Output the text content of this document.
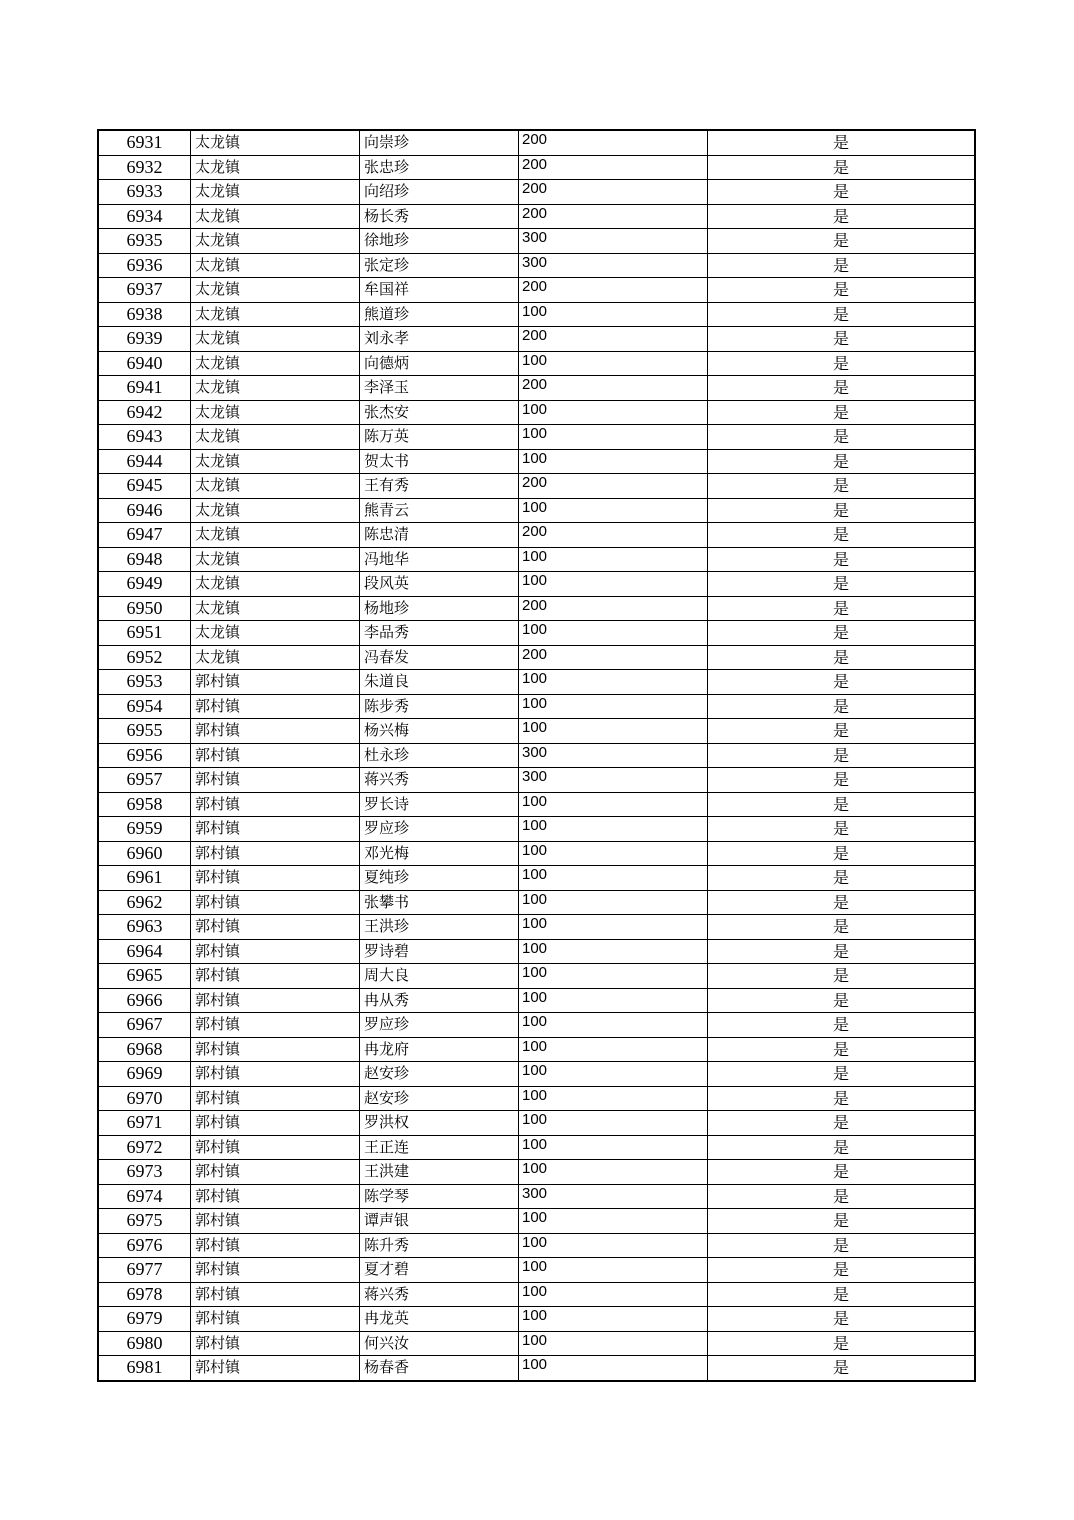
6931	太龙镇	向崇珍	200	是
6932	太龙镇	张忠珍	200	是
6933	太龙镇	向绍珍	200	是
6934	太龙镇	杨长秀	200	是
6935	太龙镇	徐地珍	300	是
6936	太龙镇	张定珍	300	是
6937	太龙镇	牟国祥	200	是
6938	太龙镇	熊道珍	100	是
6939	太龙镇	刘永孝	200	是
6940	太龙镇	向德炳	100	是
6941	太龙镇	李泽玉	200	是
6942	太龙镇	张杰安	100	是
6943	太龙镇	陈万英	100	是
6944	太龙镇	贺太书	100	是
6945	太龙镇	王有秀	200	是
6946	太龙镇	熊青云	100	是
6947	太龙镇	陈忠清	200	是
6948	太龙镇	冯地华	100	是
6949	太龙镇	段风英	100	是
6950	太龙镇	杨地珍	200	是
6951	太龙镇	李品秀	100	是
6952	太龙镇	冯春发	200	是
6953	郭村镇	朱道良	100	是
6954	郭村镇	陈步秀	100	是
6955	郭村镇	杨兴梅	100	是
6956	郭村镇	杜永珍	300	是
6957	郭村镇	蒋兴秀	300	是
6958	郭村镇	罗长诗	100	是
6959	郭村镇	罗应珍	100	是
6960	郭村镇	邓光梅	100	是
6961	郭村镇	夏纯珍	100	是
6962	郭村镇	张攀书	100	是
6963	郭村镇	王洪珍	100	是
6964	郭村镇	罗诗碧	100	是
6965	郭村镇	周大良	100	是
6966	郭村镇	冉从秀	100	是
6967	郭村镇	罗应珍	100	是
6968	郭村镇	冉龙府	100	是
6969	郭村镇	赵安珍	100	是
6970	郭村镇	赵安珍	100	是
6971	郭村镇	罗洪权	100	是
6972	郭村镇	王正连	100	是
6973	郭村镇	王洪建	100	是
6974	郭村镇	陈学琴	300	是
6975	郭村镇	谭声银	100	是
6976	郭村镇	陈升秀	100	是
6977	郭村镇	夏才碧	100	是
6978	郭村镇	蒋兴秀	100	是
6979	郭村镇	冉龙英	100	是
6980	郭村镇	何兴汝	100	是
6981	郭村镇	杨春香	100	是
